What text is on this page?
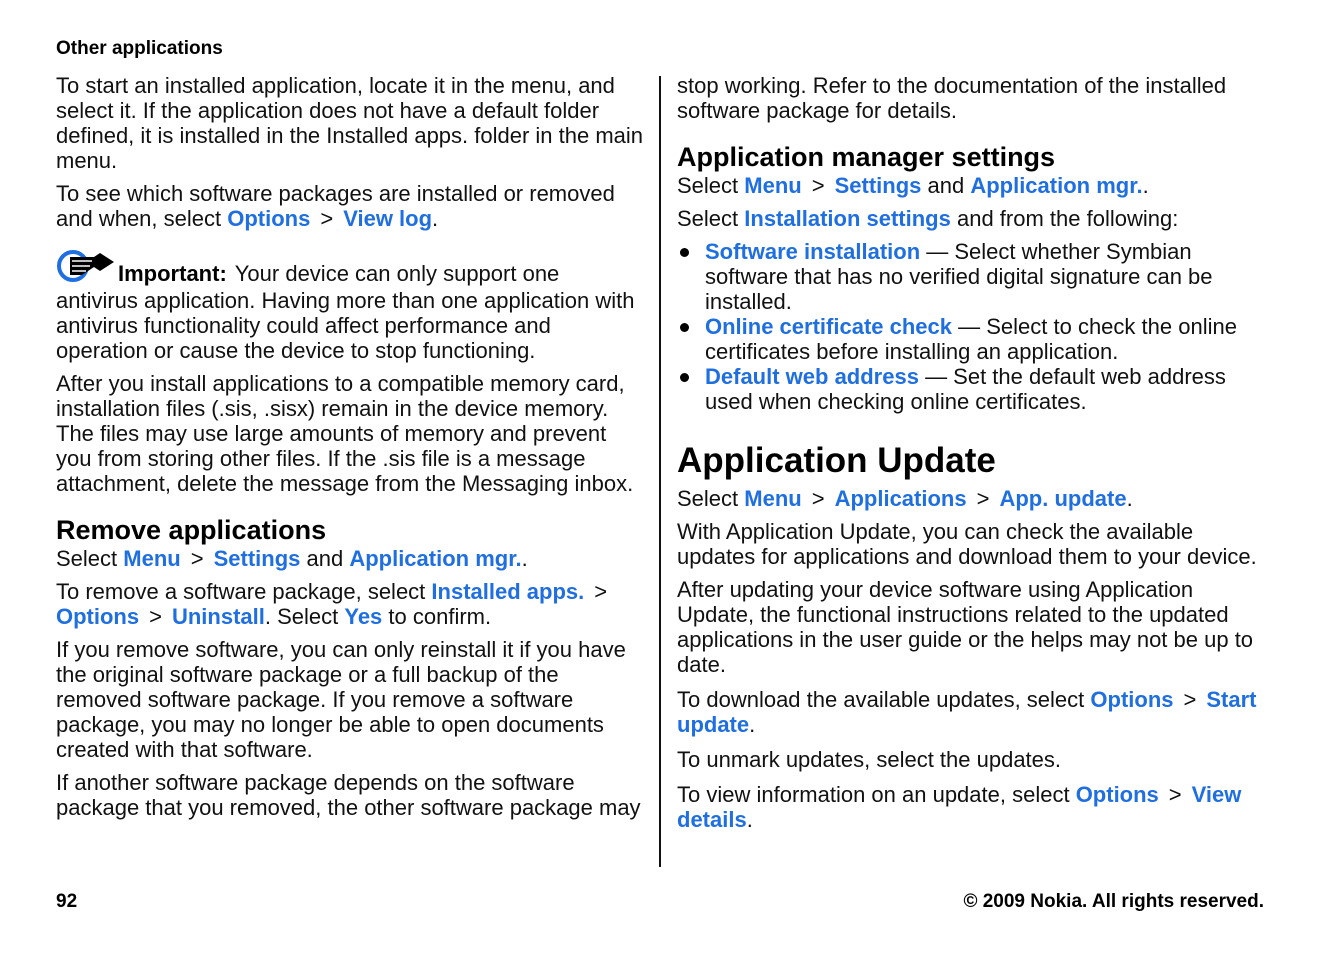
Other applications

To start an installed application, locate it in the menu, and select it. If the application does not have a default folder defined, it is installed in the Installed apps. folder in the main menu.

To see which software packages are installed or removed and when, select Options > View log.

Important: Your device can only support one antivirus application. Having more than one application with antivirus functionality could affect performance and operation or cause the device to stop functioning.

After you install applications to a compatible memory card, installation files (.sis, .sisx) remain in the device memory. The files may use large amounts of memory and prevent you from storing other files. If the .sis file is a message attachment, delete the message from the Messaging inbox.

Remove applications

Select Menu > Settings and Application mgr..

To remove a software package, select Installed apps. >Options > Uninstall. Select Yes to confirm.

If you remove software, you can only reinstall it if you have the original software package or a full backup of the removed software package. If you remove a software package, you may no longer be able to open documents created with that software.

If another software package depends on the software package that you removed, the other software package may

stop working. Refer to the documentation of the installed software package for details.

Application manager settings

Select Menu > Settings and Application mgr..

Select Installation settings and from the following:

Software installation — Select whether Symbian software that has no verified digital signature can be installed.
Online certificate check — Select to check the online certificates before installing an application.
Default web address — Set the default web address used when checking online certificates.
Application Update

Select Menu > Applications > App. update.

With Application Update, you can check the available updates for applications and download them to your device.

After updating your device software using Application Update, the functional instructions related to the updated applications in the user guide or the helps may not be up to date.

To download the available updates, select Options > Start update.

To unmark updates, select the updates.

To view information on an update, select Options > View details.

92	© 2009 Nokia. All rights reserved.
